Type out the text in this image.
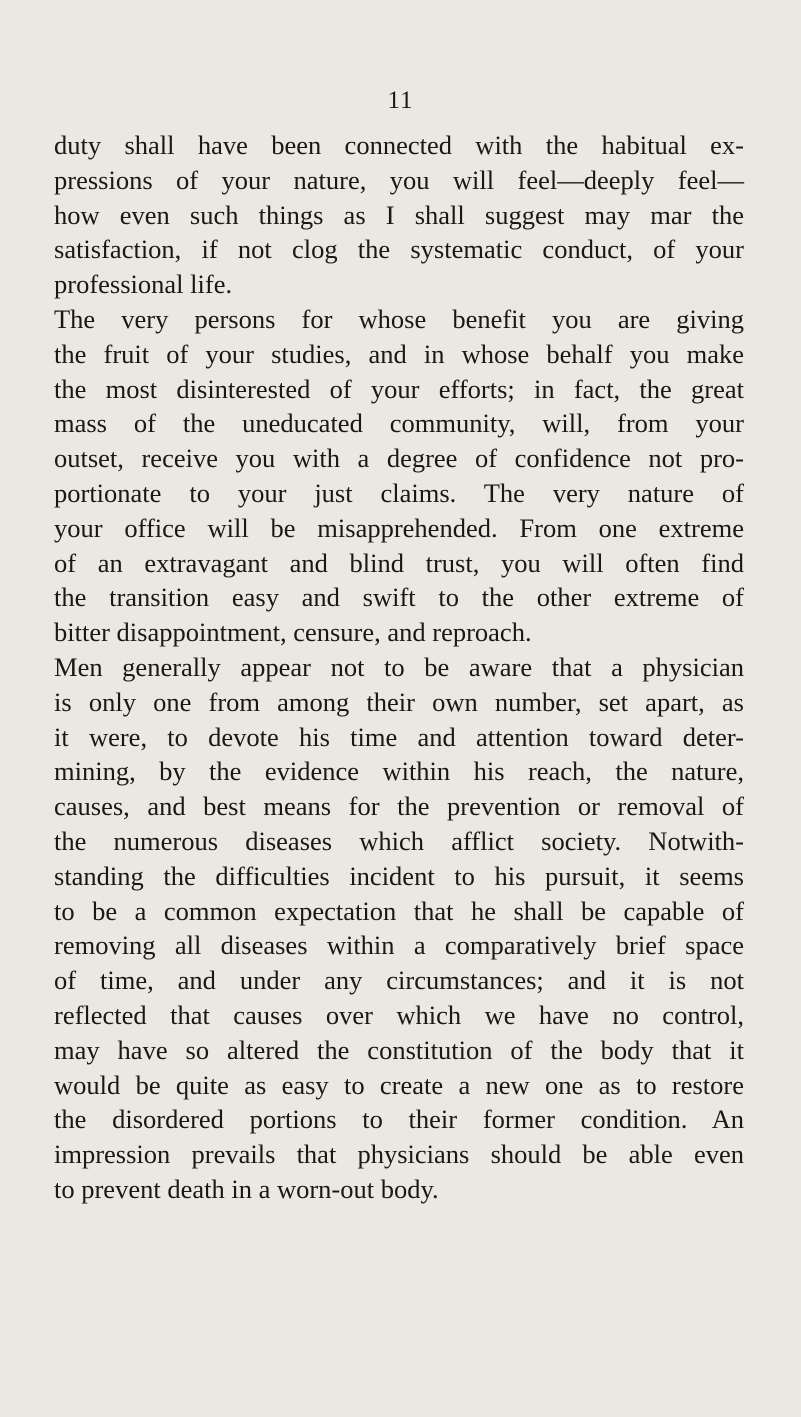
11
duty shall have been connected with the habitual ex-
pressions of your nature, you will feel—deeply feel—
how even such things as I shall suggest may mar the
satisfaction, if not clog the systematic conduct, of your
professional life.
The very persons for whose benefit you are giving
the fruit of your studies, and in whose behalf you make
the most disinterested of your efforts; in fact, the great
mass of the uneducated community, will, from your
outset, receive you with a degree of confidence not pro-
portionate to your just claims. The very nature of
your office will be misapprehended. From one extreme
of an extravagant and blind trust, you will often find
the transition easy and swift to the other extreme of
bitter disappointment, censure, and reproach.
Men generally appear not to be aware that a physician
is only one from among their own number, set apart, as
it were, to devote his time and attention toward deter-
mining, by the evidence within his reach, the nature,
causes, and best means for the prevention or removal of
the numerous diseases which afflict society. Notwith-
standing the difficulties incident to his pursuit, it seems
to be a common expectation that he shall be capable of
removing all diseases within a comparatively brief space
of time, and under any circumstances; and it is not
reflected that causes over which we have no control,
may have so altered the constitution of the body that it
would be quite as easy to create a new one as to restore
the disordered portions to their former condition. An
impression prevails that physicians should be able even
to prevent death in a worn-out body.
